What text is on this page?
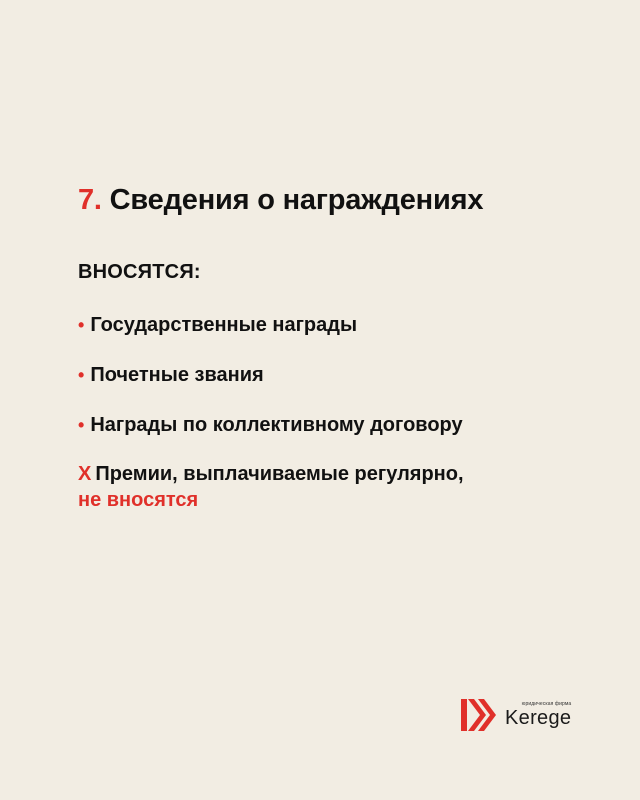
7. Сведения о награждениях
ВНОСЯТСЯ:
• Государственные награды
• Почетные звания
• Награды по коллективному договору
X Премии, выплачиваемые регулярно,
не вносятся
юридическая фирма
Kerege
